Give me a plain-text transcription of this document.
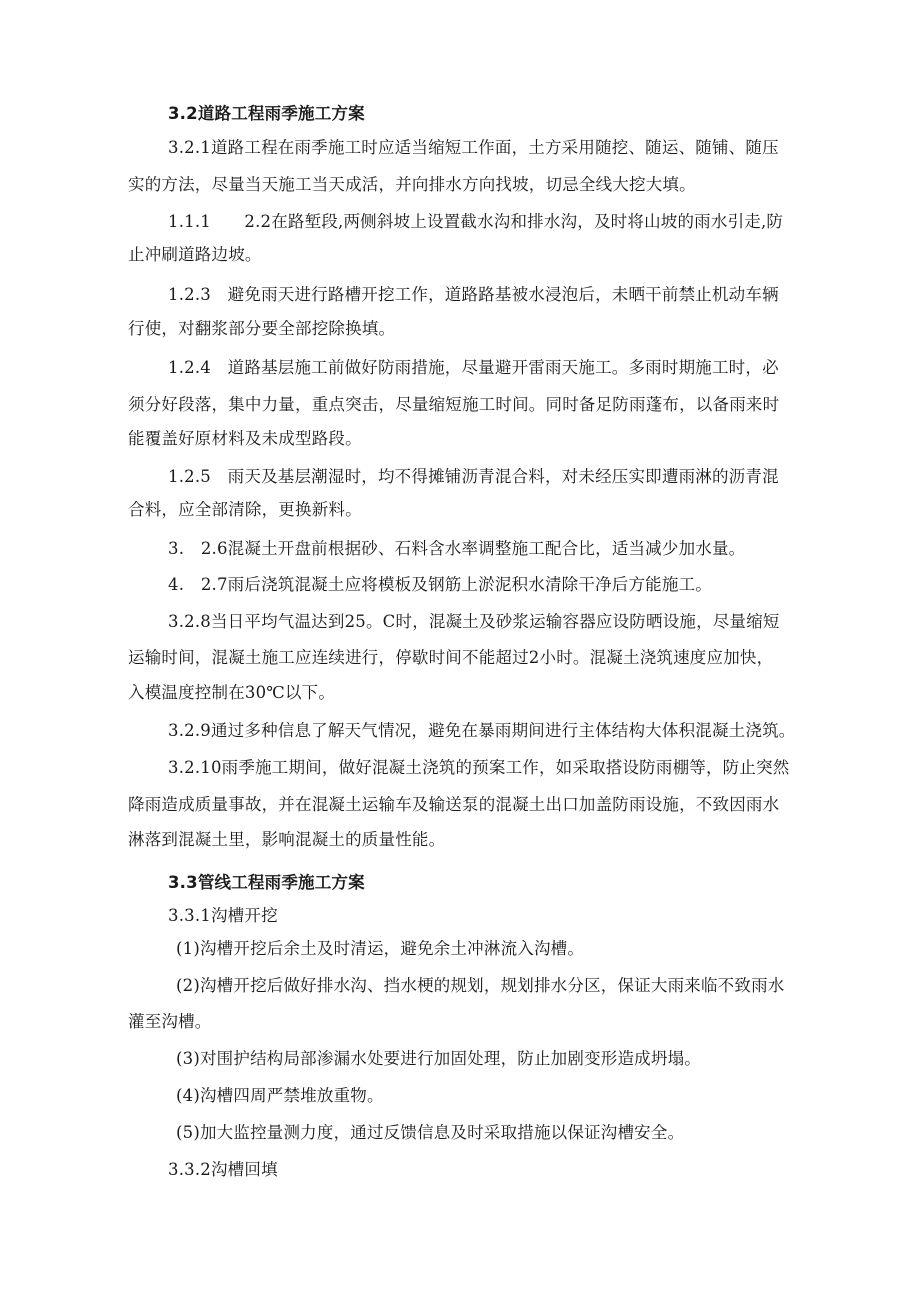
3.2道路工程雨季施工方案
3.2.1道路工程在雨季施工时应适当缩短工作面，土方采用随挖、随运、随铺、随压
实的方法，尽量当天施工当天成活，并向排水方向找坡，切忌全线大挖大填。
1.1.1　　2.2在路堑段,两侧斜坡上设置截水沟和排水沟，及时将山坡的雨水引走,防
止冲刷道路边坡。
1.2.3　避免雨天进行路槽开挖工作，道路路基被水浸泡后，未晒干前禁止机动车辆
行使，对翻浆部分要全部挖除换填。
1.2.4　道路基层施工前做好防雨措施，尽量避开雷雨天施工。多雨时期施工时，必
须分好段落，集中力量，重点突击，尽量缩短施工时间。同时备足防雨蓬布，以备雨来时
能覆盖好原材料及未成型路段。
1.2.5　雨天及基层潮湿时，均不得摊铺沥青混合料，对未经压实即遭雨淋的沥青混
合料，应全部清除，更换新料。
3.　2.6混凝土开盘前根据砂、石料含水率调整施工配合比，适当减少加水量。
4.　2.7雨后浇筑混凝土应将模板及钢筋上淤泥积水清除干净后方能施工。
3.2.8当日平均气温达到25。C时，混凝土及砂浆运输容器应设防晒设施，尽量缩短
运输时间，混凝土施工应连续进行，停歇时间不能超过2小时。混凝土浇筑速度应加快，
入模温度控制在30℃以下。
3.2.9通过多种信息了解天气情况，避免在暴雨期间进行主体结构大体积混凝土浇筑。
3.2.10雨季施工期间，做好混凝土浇筑的预案工作，如采取搭设防雨棚等，防止突然
降雨造成质量事故，并在混凝土运输车及输送泵的混凝土出口加盖防雨设施，不致因雨水
淋落到混凝土里，影响混凝土的质量性能。
3.3管线工程雨季施工方案
3.3.1沟槽开挖
(1)沟槽开挖后余土及时清运，避免余土冲淋流入沟槽。
(2)沟槽开挖后做好排水沟、挡水梗的规划，规划排水分区，保证大雨来临不致雨水
灌至沟槽。
(3)对围护结构局部渗漏水处要进行加固处理，防止加剧变形造成坍塌。
(4)沟槽四周严禁堆放重物。
(5)加大监控量测力度，通过反馈信息及时采取措施以保证沟槽安全。
3.3.2沟槽回填
